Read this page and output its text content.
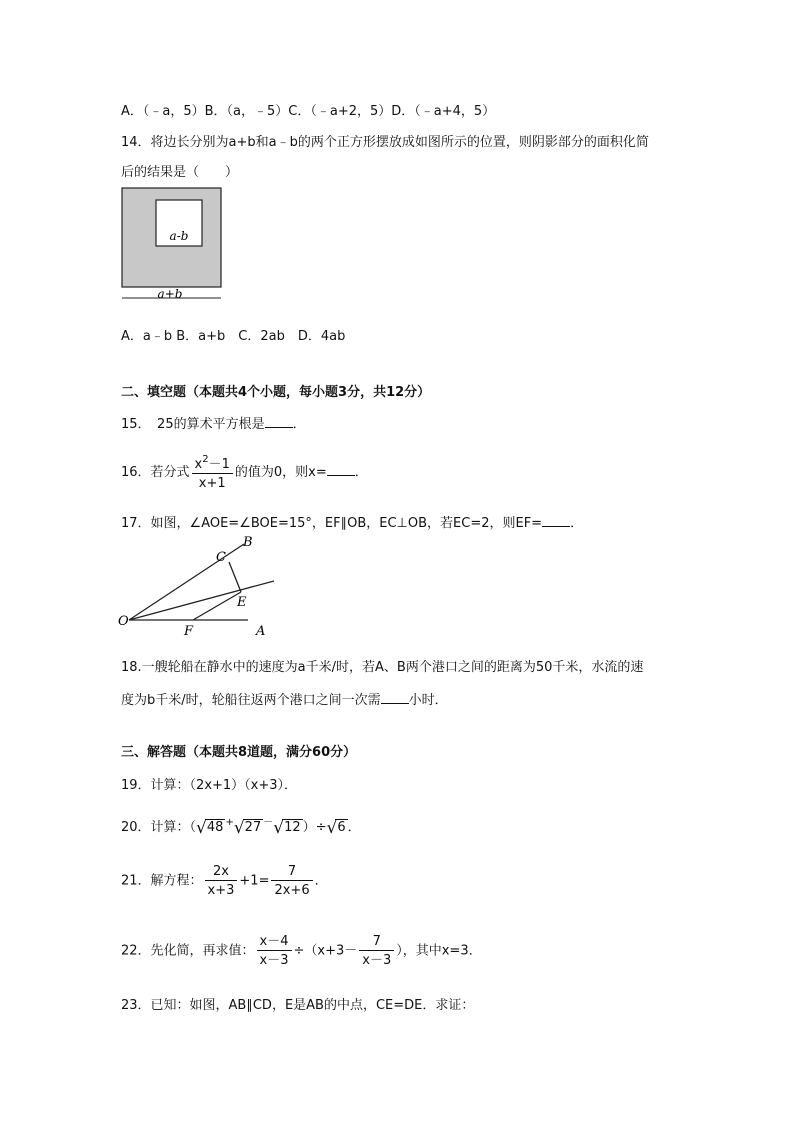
A．（﹣a，5）B．（a，﹣5）C．（﹣a+2，5）D．（﹣a+4，5）
14．将边长分别为a+b和a﹣b的两个正方形摆放成如图所示的位置，则阴影部分的面积化简
后的结果是（　　）
a-b
a+b
A．a﹣b B．a+b　C．2ab　D．4ab
二、填空题（本题共4个小题，每小题3分，共12分）
15．　25的算术平方根是 ．
16．若分式 $\frac{x^2-1}{x+1}$ 的值为0，则x= ．
17．如图，∠AOE=∠BOE=15°，EF∥OB，EC⊥OB，若EC=2，则EF= ．
O
F	A
E
C
B
18.一艘轮船在静水中的速度为a千米/时，若A、B两个港口之间的距离为50千米，水流的速
度为b千米/时，轮船往返两个港口之间一次需 小时．
三、解答题（本题共8道题，满分60分）
19．计算：（2x+1）（x+3）．
20．计算：（√48 +√27 －√12 ）÷√6 ．
21．解方程： $\frac{2x}{x+3} +1= \frac{7}{2x+6}$ ．
22．先化简，再求值： $\frac{x-4}{x-3} \div(x+3- \frac{7}{x-3}$ ），其中x=3．
23．已知：如图，AB∥CD，E是AB的中点，CE=DE．求证：
